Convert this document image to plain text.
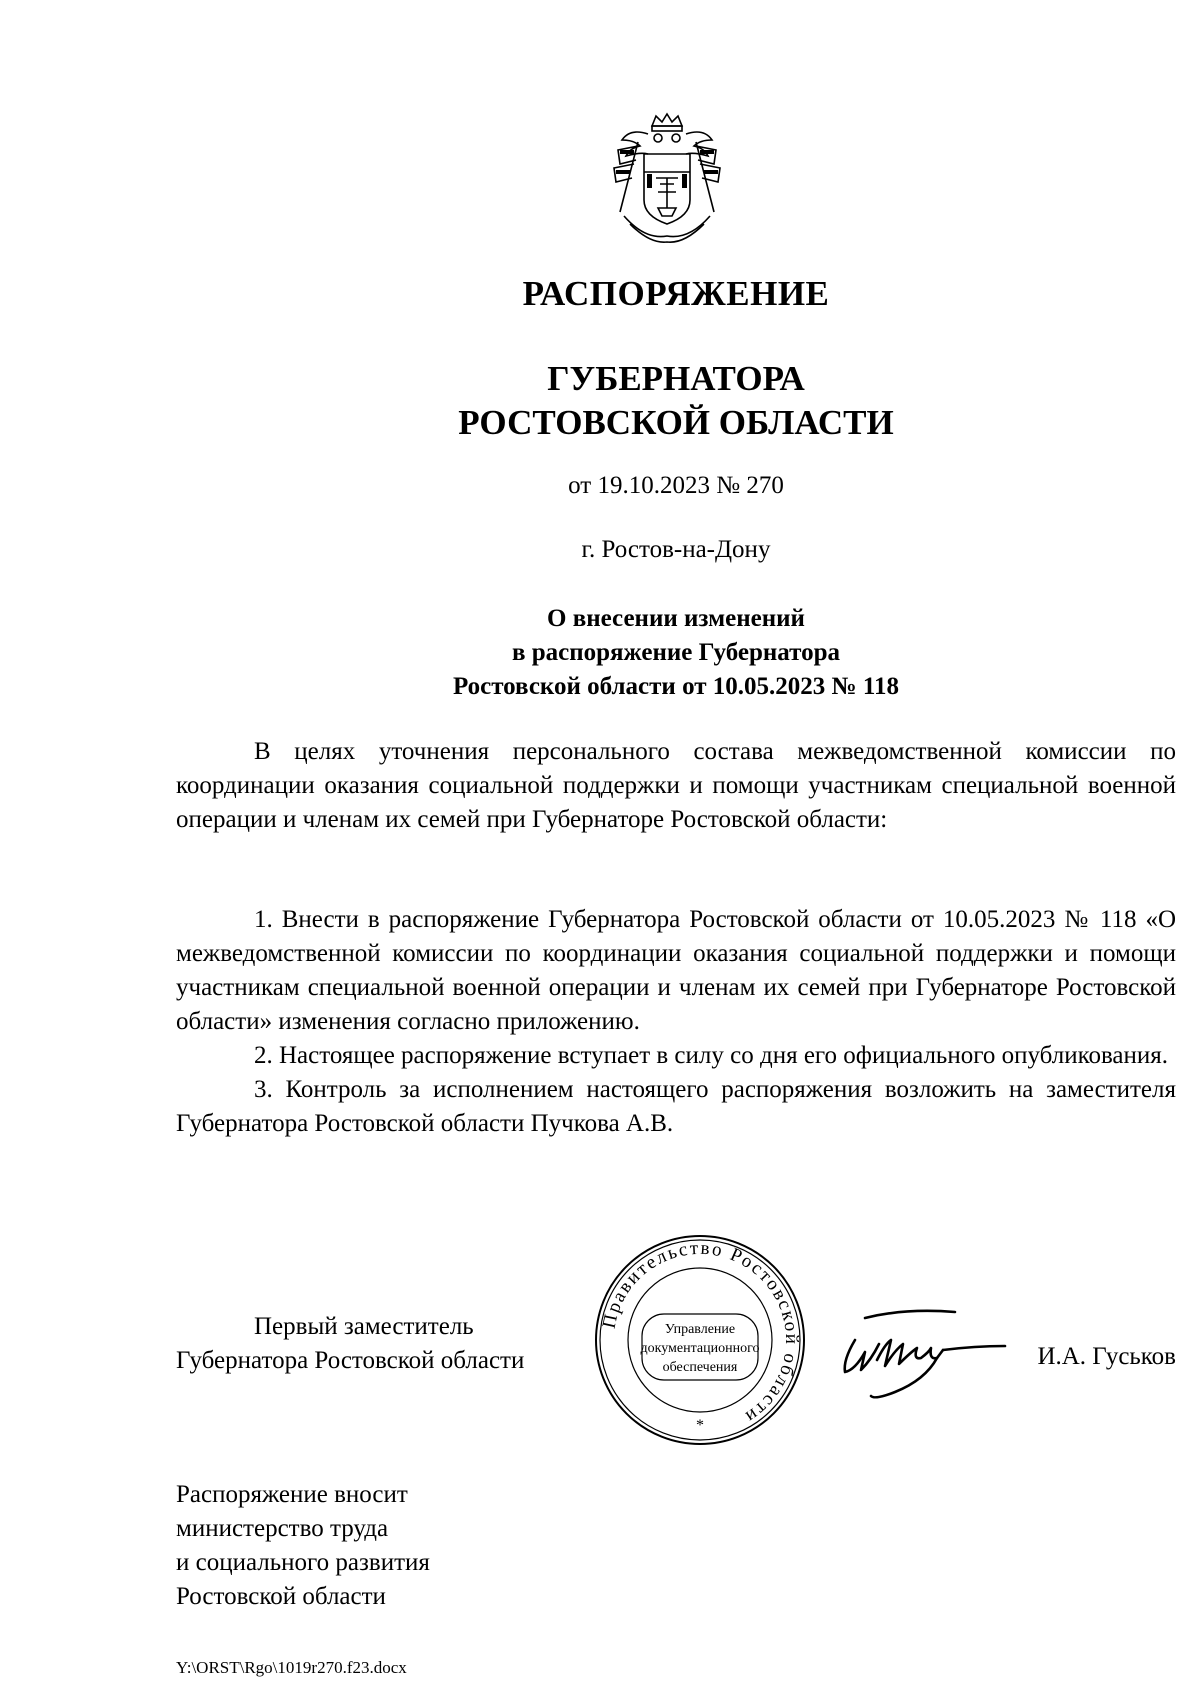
РАСПОРЯЖЕНИЕ
ГУБЕРНАТОРА
РОСТОВСКОЙ ОБЛАСТИ
от 19.10.2023 № 270
г. Ростов-на-Дону
О внесении изменений
в распоряжение Губернатора
Ростовской области от 10.05.2023 № 118
В целях уточнения персонального состава межведомственной комиссии по координации оказания социальной поддержки и помощи участникам специальной военной операции и членам их семей при Губернаторе Ростовской области:
1. Внести в распоряжение Губернатора Ростовской области от 10.05.2023 № 118 «О межведомственной комиссии по координации оказания социальной поддержки и помощи участникам специальной военной операции и членам их семей при Губернаторе Ростовской области» изменения согласно приложению.
2. Настоящее распоряжение вступает в силу со дня его официального опубликования.
3. Контроль за исполнением настоящего распоряжения возложить на заместителя Губернатора Ростовской области Пучкова А.В.
Первый заместитель
Губернатора Ростовской области
Правительство Ростовской области
Управление
документационного
обеспечения
*
И.А. Гуськов
Распоряжение вносит
министерство труда
и социального развития
Ростовской области
Y:\ORST\Rgo\1019r270.f23.docx
